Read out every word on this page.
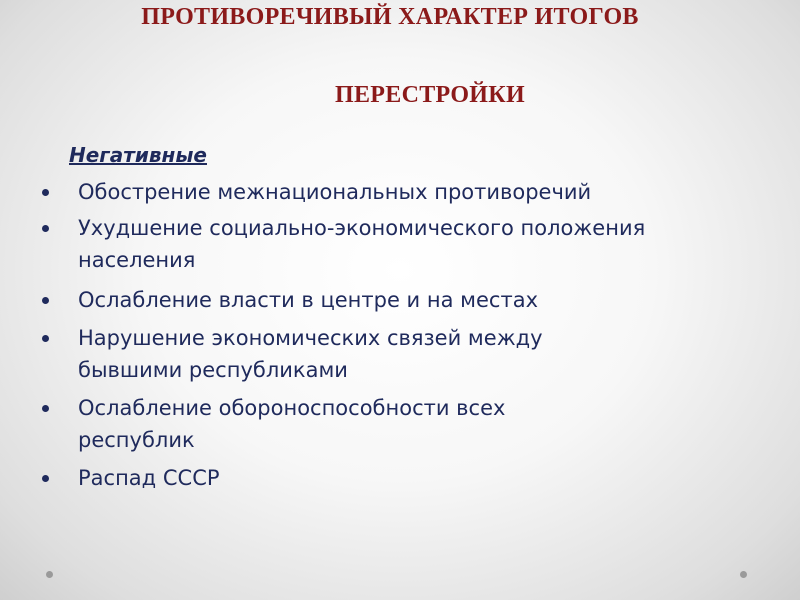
ПРОТИВОРЕЧИВЫЙ ХАРАКТЕР ИТОГОВ
ПЕРЕСТРОЙКИ
Негативные
Обострение межнациональных противоречий
Ухудшение социально-экономического положения
населения
Ослабление власти в центре и на местах
Нарушение экономических связей между
бывшими республиками
Ослабление обороноспособности всех
республик
Распад СССР
